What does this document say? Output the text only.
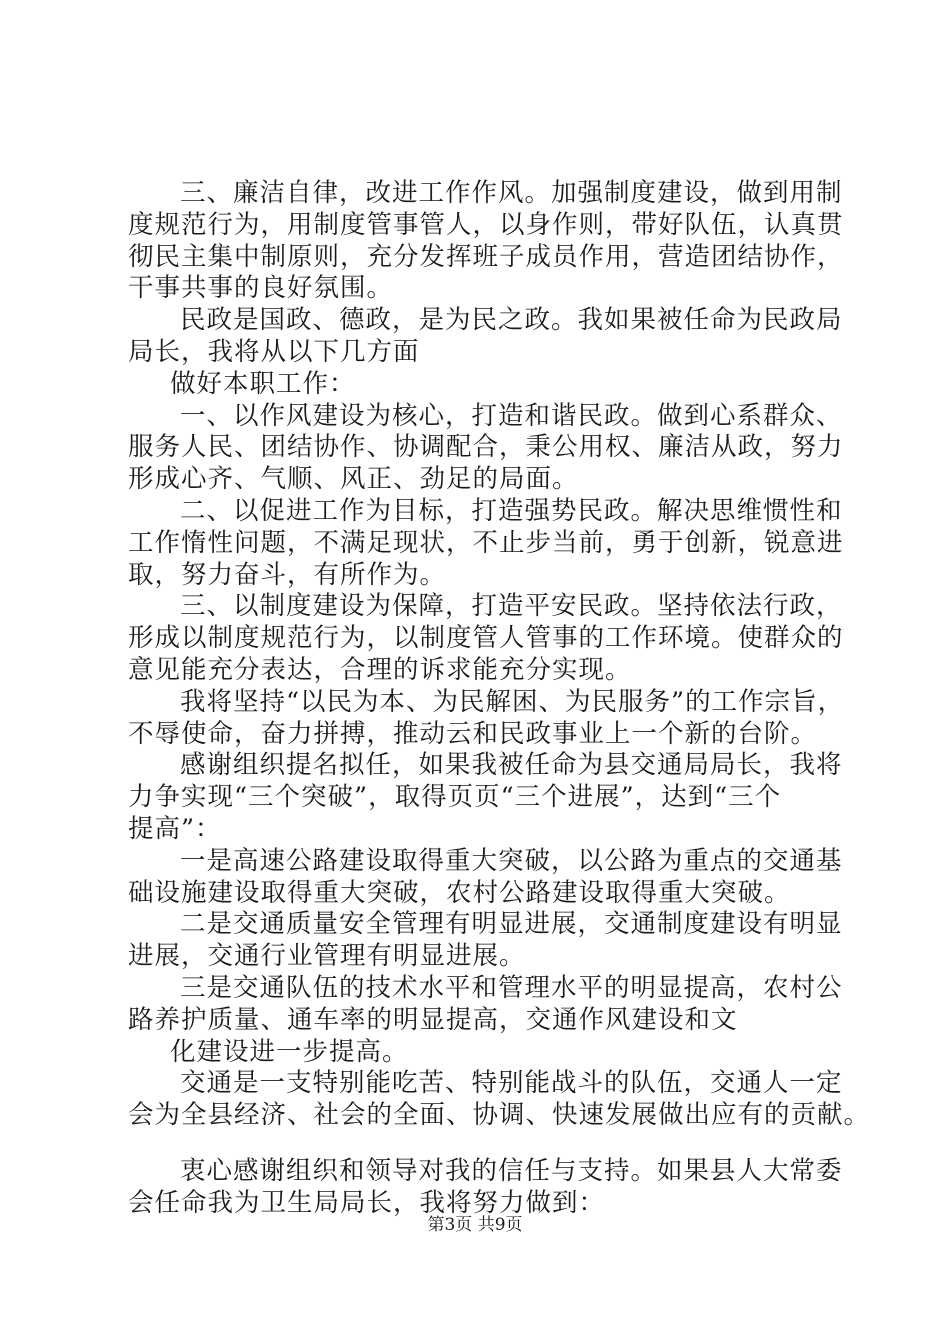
三、廉洁自律，改进工作作风。加强制度建设，做到用制
度规范行为，用制度管事管人，以身作则，带好队伍，认真贯
彻民主集中制原则，充分发挥班子成员作用，营造团结协作，
干事共事的良好氛围。
民政是国政、德政，是为民之政。我如果被任命为民政局
局长，我将从以下几方面
做好本职工作：
一、以作风建设为核心，打造和谐民政。做到心系群众、
服务人民、团结协作、协调配合，秉公用权、廉洁从政，努力
形成心齐、气顺、风正、劲足的局面。
二、以促进工作为目标，打造强势民政。解决思维惯性和
工作惰性问题，不满足现状，不止步当前，勇于创新，锐意进
取，努力奋斗，有所作为。
三、以制度建设为保障，打造平安民政。坚持依法行政，
形成以制度规范行为，以制度管人管事的工作环境。使群众的
意见能充分表达，合理的诉求能充分实现。
我将坚持“以民为本、为民解困、为民服务”的工作宗旨，
不辱使命，奋力拼搏，推动云和民政事业上一个新的台阶。
感谢组织提名拟任，如果我被任命为县交通局局长，我将
力争实现“三个突破”，取得页页“三个进展”，达到“三个
提高”：
一是高速公路建设取得重大突破，以公路为重点的交通基
础设施建设取得重大突破，农村公路建设取得重大突破。
二是交通质量安全管理有明显进展，交通制度建设有明显
进展，交通行业管理有明显进展。
三是交通队伍的技术水平和管理水平的明显提高，农村公
路养护质量、通车率的明显提高，交通作风建设和文
化建设进一步提高。
交通是一支特别能吃苦、特别能战斗的队伍，交通人一定
会为全县经济、社会的全面、协调、快速发展做出应有的贡献。
衷心感谢组织和领导对我的信任与支持。如果县人大常委
会任命我为卫生局局长，我将努力做到：
第3页 共9页
